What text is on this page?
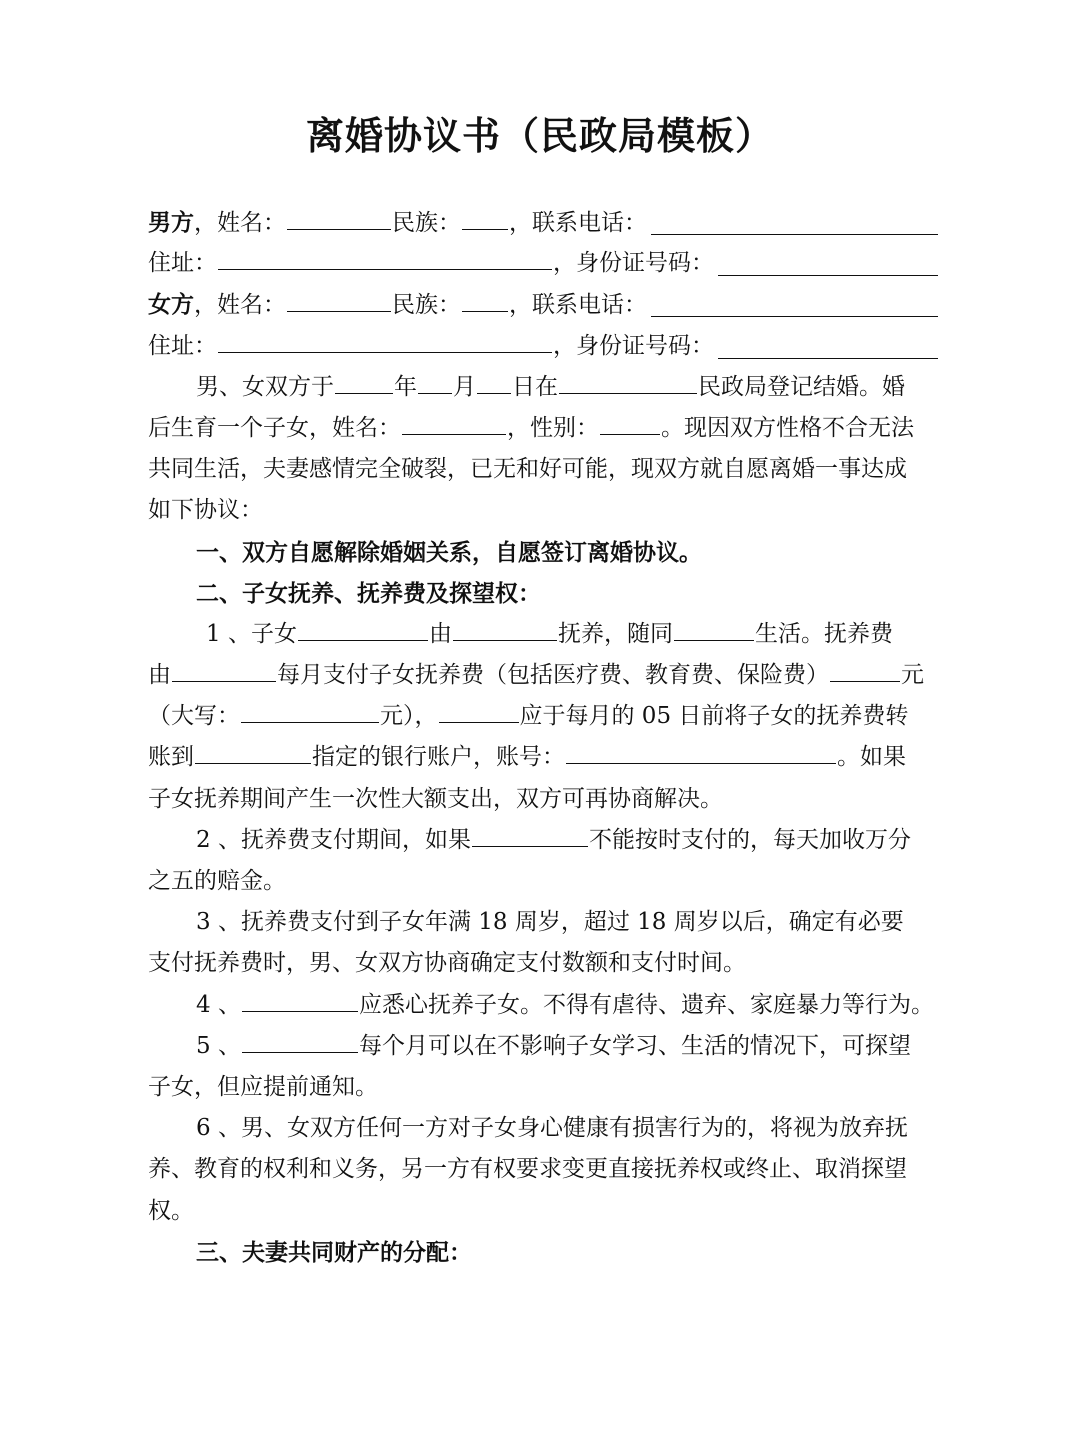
离婚协议书（民政局模板）
男方 ，姓名：	民族： ，联系电话：
住址：	，身份证号码：
女方 ，姓名：	民族： ，联系电话：
住址：	，身份证号码：
男、女双方于	年 月 日在	民政局登记结婚。婚
后生育一个子女，姓名：	，性别：	。现因双方性格不合无法
共同生活，夫妻感情完全破裂，已无和好可能，现双方就自愿离婚一事达成
如下协议：
一、双方自愿解除婚姻关系，自愿签订离婚协议。
二、子女抚养、抚养费及探望权：
1 、子女	由	抚养，随同	生活。抚养费
由	每月支付子女抚养费（包括医疗费、教育费、保险费）	元
（大写：	元），	应于每月的 05 日前将子女的抚养费转
账到	指定的银行账户，账号：	。如果
子女抚养期间产生一次性大额支出，双方可再协商解决。
2 、抚养费支付期间，如果	不能按时支付的，每天加收万分
之五的赔金。
3 、抚养费支付到子女年满 18 周岁，超过 18 周岁以后，确定有必要
支付抚养费时，男、女双方协商确定支付数额和支付时间。
4 、	应悉心抚养子女。不得有虐待、遗弃、家庭暴力等行为。
5 、	每个月可以在不影响子女学习、生活的情况下，可探望
子女，但应提前通知。
6 、男、女双方任何一方对子女身心健康有损害行为的，将视为放弃抚
养、教育的权利和义务，另一方有权要求变更直接抚养权或终止、取消探望
权。
三、夫妻共同财产的分配：
